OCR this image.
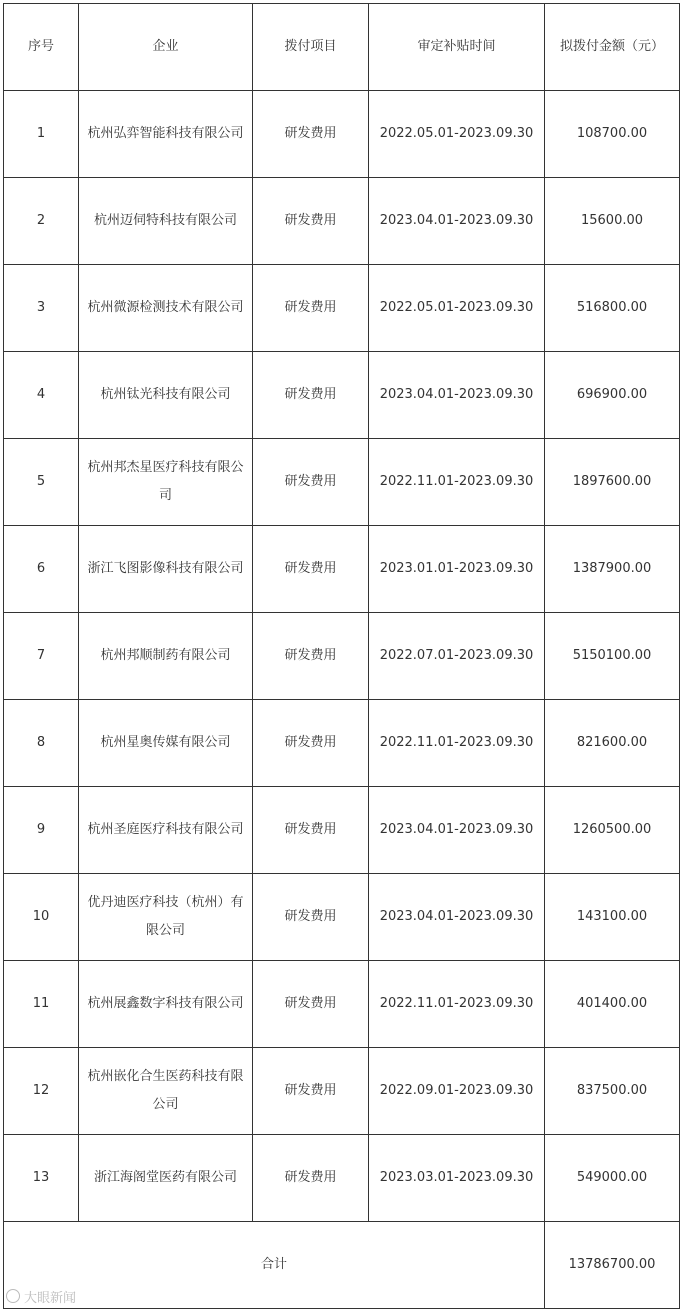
序号	企业	拨付项目	审定补贴时间	拟拨付金额（元）
1	杭州弘弈智能科技有限公司	研发费用	2022.05.01-2023.09.30	108700.00
2	杭州迈伺特科技有限公司	研发费用	2023.04.01-2023.09.30	15600.00
3	杭州微源检测技术有限公司	研发费用	2022.05.01-2023.09.30	516800.00
4	杭州钛光科技有限公司	研发费用	2023.04.01-2023.09.30	696900.00
5	杭州邦杰星医疗科技有限公司	研发费用	2022.11.01-2023.09.30	1897600.00
6	浙江飞图影像科技有限公司	研发费用	2023.01.01-2023.09.30	1387900.00
7	杭州邦顺制药有限公司	研发费用	2022.07.01-2023.09.30	5150100.00
8	杭州星奥传媒有限公司	研发费用	2022.11.01-2023.09.30	821600.00
9	杭州圣庭医疗科技有限公司	研发费用	2023.04.01-2023.09.30	1260500.00
10	优丹迪医疗科技（杭州）有限公司	研发费用	2023.04.01-2023.09.30	143100.00
11	杭州展鑫数字科技有限公司	研发费用	2022.11.01-2023.09.30	401400.00
12	杭州嵌化合生医药科技有限公司	研发费用	2022.09.01-2023.09.30	837500.00
13	浙江海阁堂医药有限公司	研发费用	2023.03.01-2023.09.30	549000.00
合计				13786700.00
大眼新闻
